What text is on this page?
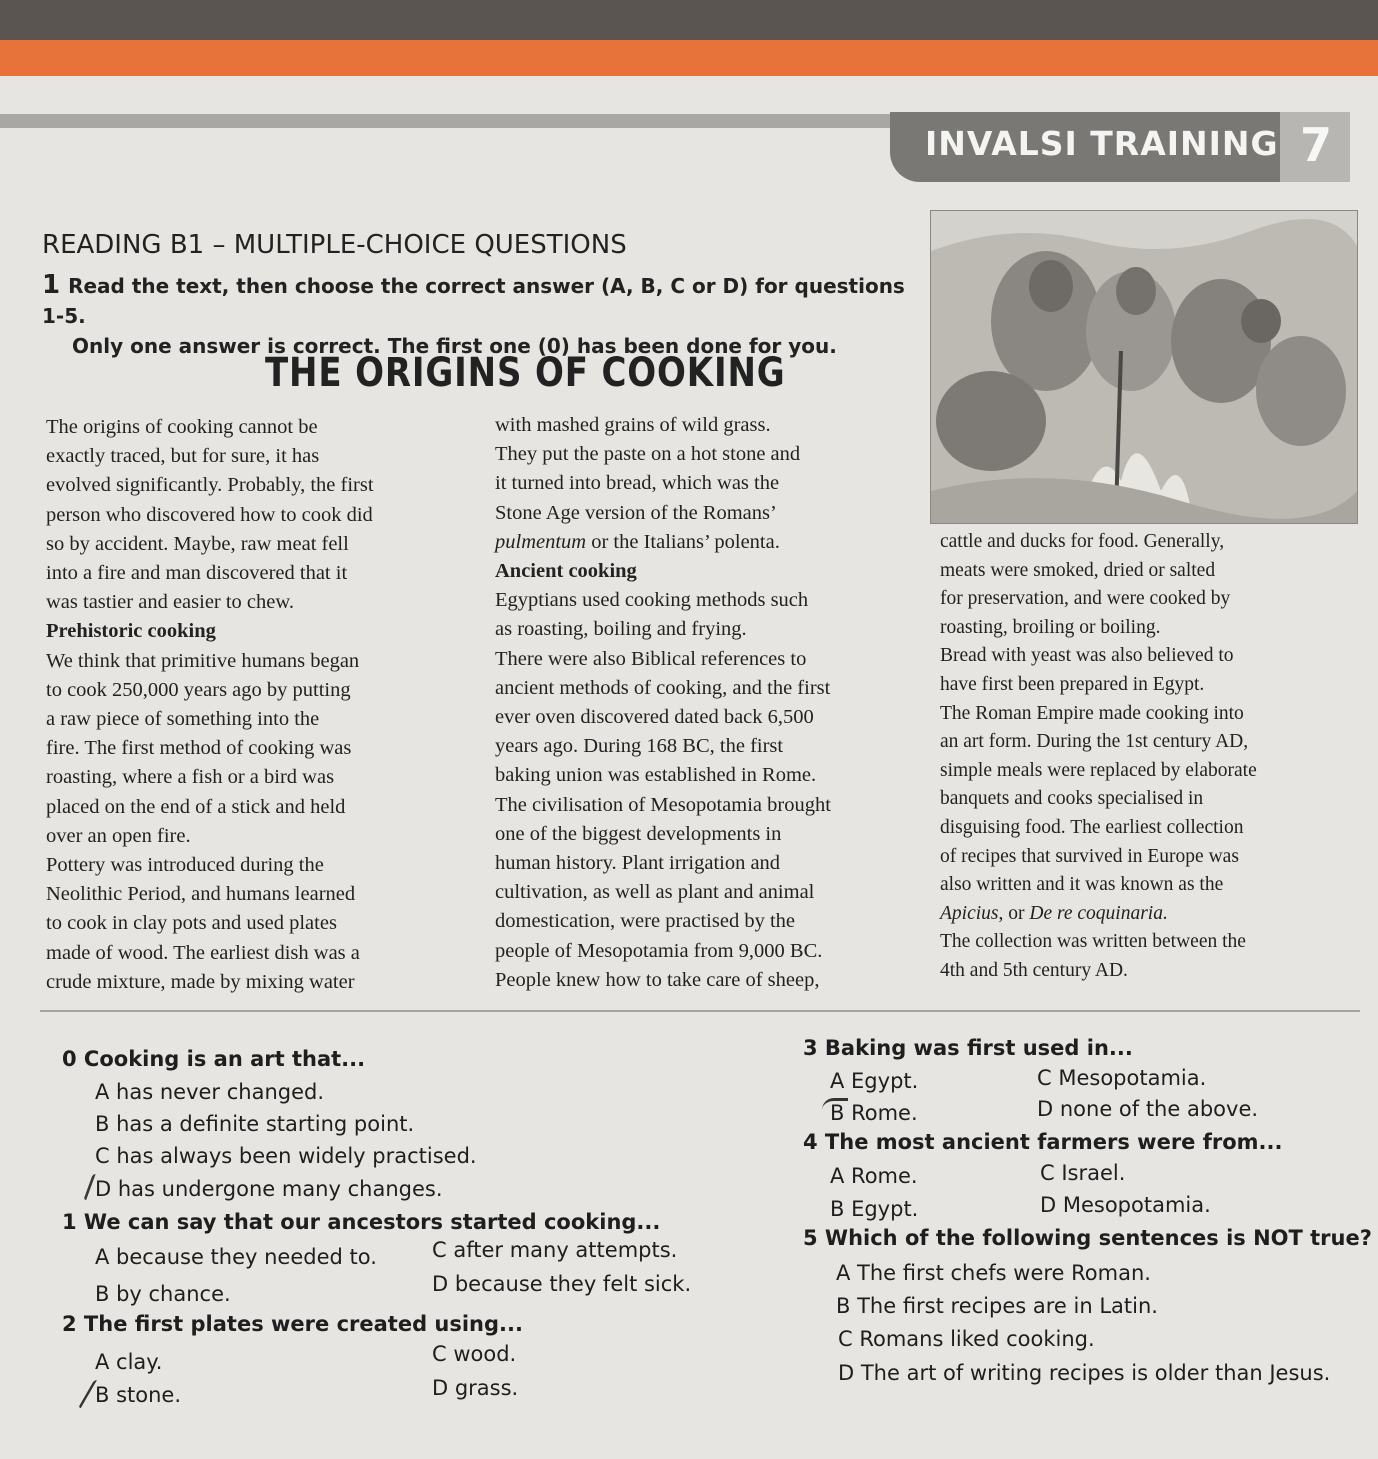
INVALSI TRAINING 7
READING B1 – MULTIPLE-CHOICE QUESTIONS
1 Read the text, then choose the correct answer (A, B, C or D) for questions 1-5.
Only one answer is correct. The first one (0) has been done for you.
THE ORIGINS OF COOKING

The origins of cooking cannot be

exactly traced, but for sure, it has

evolved significantly. Probably, the first

person who discovered how to cook did

so by accident. Maybe, raw meat fell

into a fire and man discovered that it

was tastier and easier to chew.

Prehistoric cooking

We think that primitive humans began

to cook 250,000 years ago by putting

a raw piece of something into the

fire. The first method of cooking was

roasting, where a fish or a bird was

placed on the end of a stick and held

over an open fire.

Pottery was introduced during the

Neolithic Period, and humans learned

to cook in clay pots and used plates

made of wood. The earliest dish was a

crude mixture, made by mixing water

with mashed grains of wild grass.

They put the paste on a hot stone and

it turned into bread, which was the

Stone Age version of the Romans’

pulmentum or the Italians’ polenta.

Ancient cooking

Egyptians used cooking methods such

as roasting, boiling and frying.

There were also Biblical references to

ancient methods of cooking, and the first

ever oven discovered dated back 6,500

years ago. During 168 BC, the first

baking union was established in Rome.

The civilisation of Mesopotamia brought

one of the biggest developments in

human history. Plant irrigation and

cultivation, as well as plant and animal

domestication, were practised by the

people of Mesopotamia from 9,000 BC.

People knew how to take care of sheep,

cattle and ducks for food. Generally,

meats were smoked, dried or salted

for preservation, and were cooked by

roasting, broiling or boiling.

Bread with yeast was also believed to

have first been prepared in Egypt.

The Roman Empire made cooking into

an art form. During the 1st century AD,

simple meals were replaced by elaborate

banquets and cooks specialised in

disguising food. The earliest collection

of recipes that survived in Europe was

also written and it was known as the

Apicius, or De re coquinaria.

The collection was written between the

4th and 5th century AD.

0 Cooking is an art that...
A has never changed.
B has a definite starting point.
C has always been widely practised.
D has undergone many changes.
1 We can say that our ancestors started cooking...
A because they needed to.	C after many attempts.
B by chance.	D because they felt sick.
2 The first plates were created using...
A clay.	C wood.
B stone.	D grass.
3 Baking was first used in...
A Egypt.	C Mesopotamia.
B Rome.	D none of the above.
4 The most ancient farmers were from...
A Rome.	C Israel.
B Egypt.	D Mesopotamia.
5 Which of the following sentences is NOT true?
A The first chefs were Roman.
B The first recipes are in Latin.
C Romans liked cooking.
D The art of writing recipes is older than Jesus.
